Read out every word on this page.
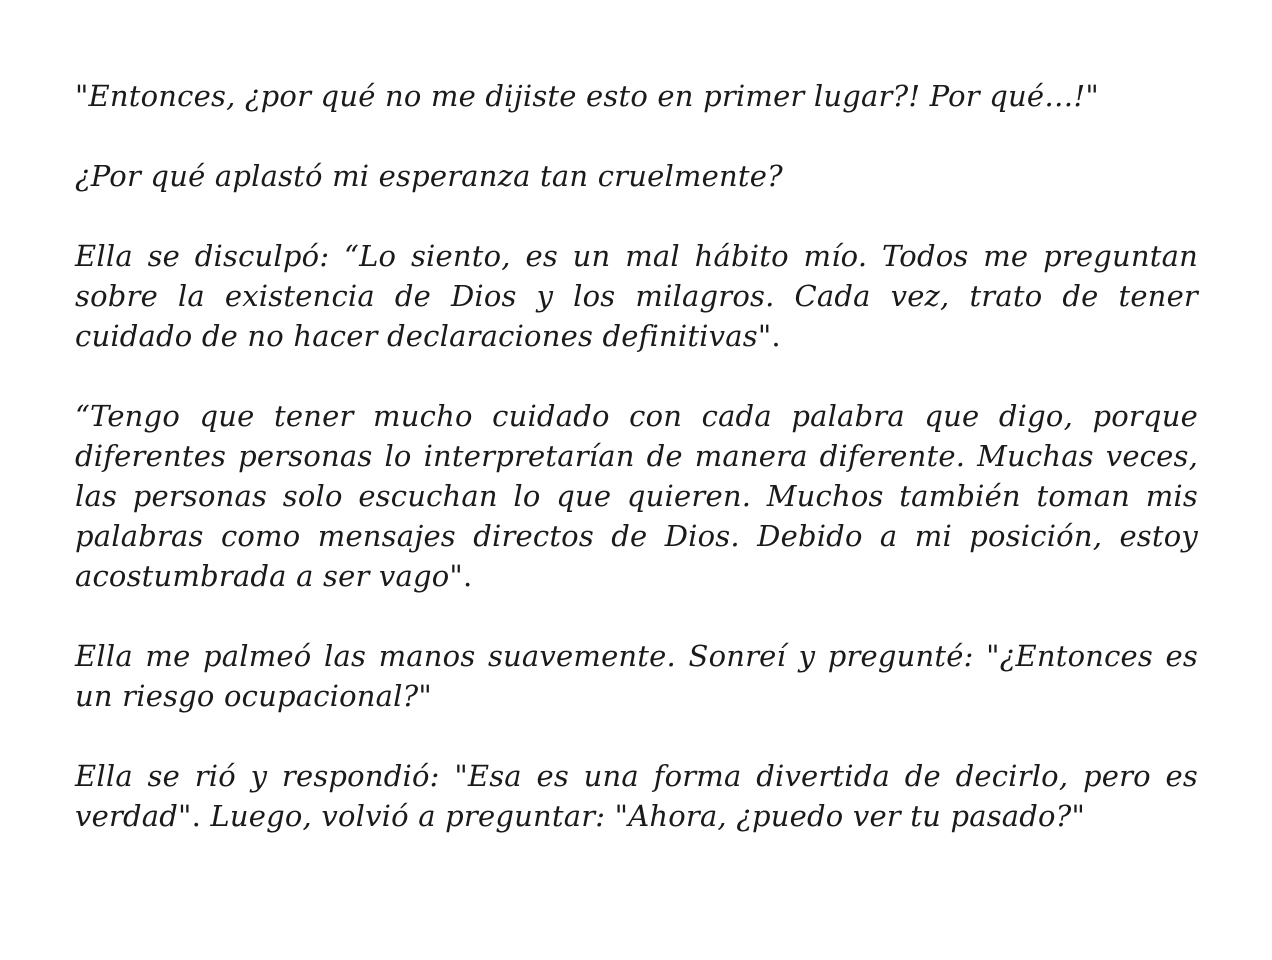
"Entonces, ¿por qué no me dijiste esto en primer lugar?! Por qué…!"

¿Por qué aplastó mi esperanza tan cruelmente?

Ella se disculpó: “Lo siento, es un mal hábito mío. Todos me preguntan sobre la existencia de Dios y los milagros. Cada vez, trato de tener cuidado de no hacer declaraciones definitivas".

“Tengo que tener mucho cuidado con cada palabra que digo, porque diferentes personas lo interpretarían de manera diferente. Muchas veces, las personas solo escuchan lo que quieren. Muchos también toman mis palabras como mensajes directos de Dios. Debido a mi posición, estoy acostumbrada a ser vago".

Ella me palmeó las manos suavemente. Sonreí y pregunté: "¿Entonces es un riesgo ocupacional?"

Ella se rió y respondió: "Esa es una forma divertida de decirlo, pero es verdad". Luego, volvió a preguntar: "Ahora, ¿puedo ver tu pasado?"
